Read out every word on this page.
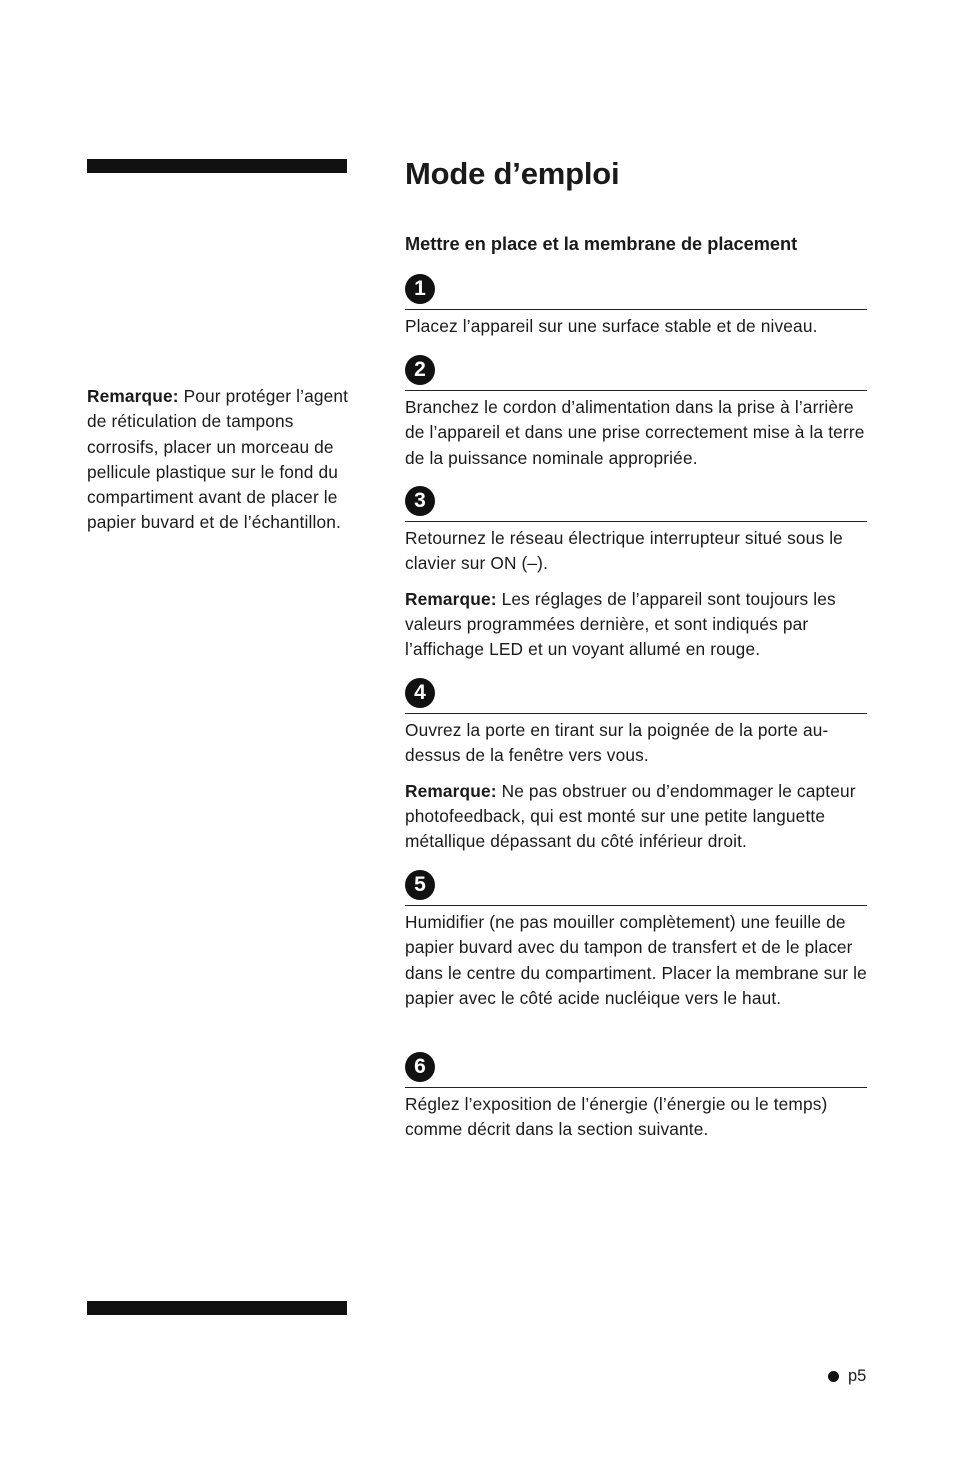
Remarque: Pour protéger l’agent de réticulation de tampons corrosifs, placer un morceau de pellicule plastique sur le fond du compartiment avant de placer le papier buvard et de l’échantillon.
Mode d’emploi
Mettre en place et la membrane de placement
1

Placez l’appareil sur une surface stable et de niveau.

2

Branchez le cordon d’alimentation dans la prise à l’arrière de l’appareil et dans une prise correctement mise à la terre de la puissance nominale appropriée.

3

Retournez le réseau électrique interrupteur situé sous le clavier sur ON (–).

Remarque: Les réglages de l’appareil sont toujours les valeurs programmées dernière, et sont indiqués par l’affichage LED et un voyant allumé en rouge.

4

Ouvrez la porte en tirant sur la poignée de la porte au-dessus de la fenêtre vers vous.

Remarque: Ne pas obstruer ou d’endommager le capteur photofeedback, qui est monté sur une petite languette métallique dépassant du côté inférieur droit.

5

Humidifier (ne pas mouiller complètement) une feuille de papier buvard avec du tampon de transfert et de le placer dans le centre du compartiment. Placer la membrane sur le papier avec le côté acide nucléique vers le haut.

6

Réglez l’exposition de l’énergie (l’énergie ou le temps) comme décrit dans la section suivante.

p5
